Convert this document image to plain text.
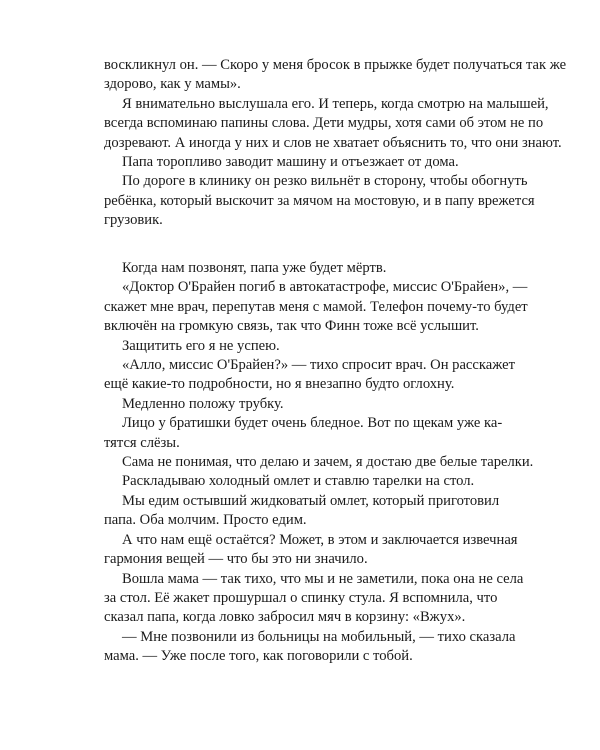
воскликнул он. — Скоро у меня бросок в прыжке будет получаться так же
здорово, как у мамы».
Я внимательно выслушала его. И теперь, когда смотрю на малышей,
всегда вспоминаю папины слова. Дети мудры, хотя сами об этом не по
дозревают. А иногда у них и слов не хватает объяснить то, что они знают.
Папа торопливо заводит машину и отъезжает от дома.
По дороге в клинику он резко вильнёт в сторону, чтобы обогнуть
ребёнка, который выскочит за мячом на мостовую, и в папу врежется
грузовик.
Когда нам позвонят, папа уже будет мёртв.
«Доктор О'Брайен погиб в автокатастрофе, миссис О'Брайен», —
скажет мне врач, перепутав меня с мамой. Телефон почему-то будет
включён на громкую связь, так что Финн тоже всё услышит.
Защитить его я не успею.
«Алло, миссис О'Брайен?» — тихо спросит врач. Он расскажет
ещё какие-то подробности, но я внезапно будто оглохну.
Медленно положу трубку.
Лицо у братишки будет очень бледное. Вот по щекам уже ка-
тятся слёзы.
Сама не понимая, что делаю и зачем, я достаю две белые тарелки.
Раскладываю холодный омлет и ставлю тарелки на стол.
Мы едим остывший жидковатый омлет, который приготовил
папа. Оба молчим. Просто едим.
А что нам ещё остаётся? Может, в этом и заключается извечная
гармония вещей — что бы это ни значило.
Вошла мама — так тихо, что мы и не заметили, пока она не села
за стол. Её жакет прошуршал о спинку стула. Я вспомнила, что
сказал папа, когда ловко забросил мяч в корзину: «Вжух».
— Мне позвонили из больницы на мобильный, — тихо сказала
мама. — Уже после того, как поговорили с тобой.
